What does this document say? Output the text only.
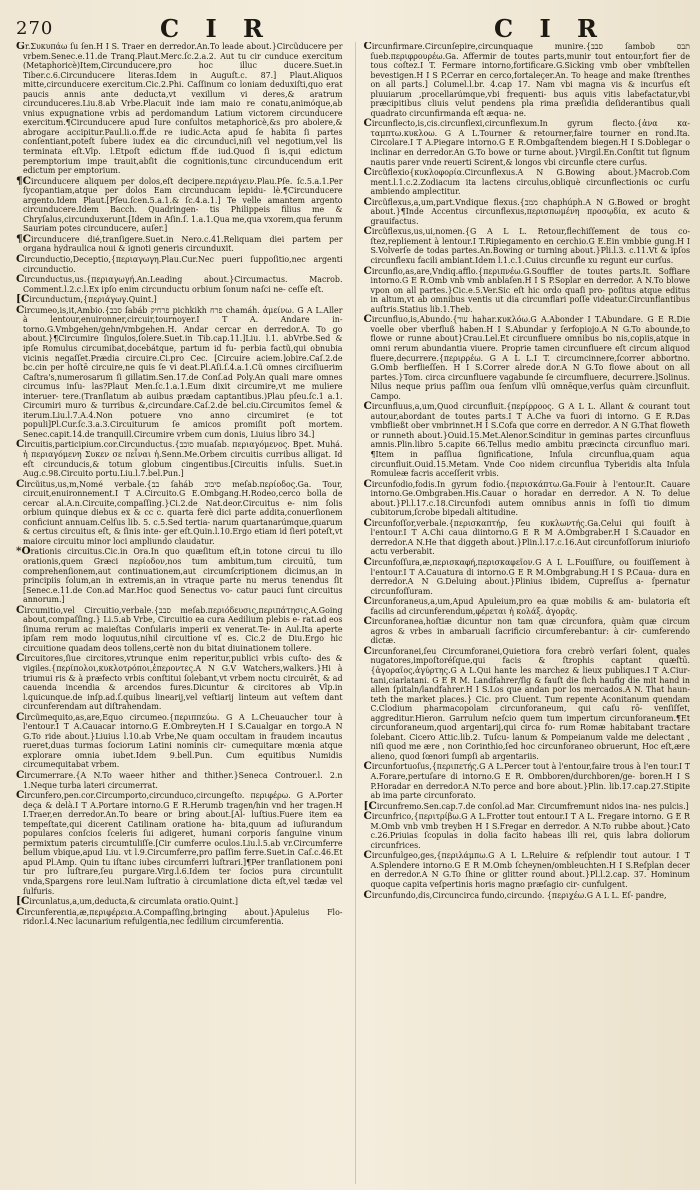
270	C I R	C I R

Gr.Συκυπάω ſu ſen.H I S. Traer en derredor.An.To leade about.}Circũducere per vrbem.Senec.e.11.de Tranq.Plaut.Merc.ſc.2.a.2. Aut tu cir cunduce exercitum (Metaphoricè)Item,Circunducere,pro hoc illuc ducere.Suet.in Tiber.c.6.Circunducere literas.Idem in Auguſt.c. 87.] Plaut.Aliquos mitte,circunducere exercitum.Cic.2.Phi. Caſſinum co loniam deduxiſti,quo erat paucis annis ante deducta,vt vexillum vi deres,& aratrum circunduceres.Liu.8.ab Vrbe.Placuit inde iam maio re conatu,animóque,ab vnius expugnatione vrbis ad perdomandum Latium victorem circunducere exercitum.¶Circunducere apud Iure conſultos metaphoricè,&s pro abolere,& abrogare accipitur.Paul.li.o.ff.de re iudic.Acta apud ſe habita ſi partes conſentiant,poteſt ſubere iudex ea dic circunduci,niſi vel negotium,vel lis terminata eſt.Vlp. l.Etpoſt edictum ff.de iud.Quod ſi is,qui edictum peremptorium impe trauit,abſit die cognitionis,tunc circunducendum erit edictum per emptorium.

¶Circunducere aliquem per dolos,eſt decipere.περιάγειν.Plau.Pſe. ſc.5.a.1.Per ſycopantiam,atque per dolos Eam circunducam lepidu- lè.¶Circunducere argento.Idem Plaut.[Pſeu.ſcen.5.a.1.& ſc.4.a.1.] Te velle amantem argento circunducere.Idem Bacch. Quadringen- tis Philippeis filius me & Chryſalus,circunduxerunt.[Idem in Aſin.ſ. 1.a.1.Qua me,qua vxorem,qua ferunm Sauriam potes circunducere, auſer.]

¶Circunducere dié,tranſigere.Suet.in Nero.c.41.Reliquam diei partem per organa hydraulica noui & ignoti generis circunduxit.

Circunductio,Deceptio,{περιαγωγη.Plau.Cur.Nec pueri ſuppoſitio,nec argenti circunductio.

Circunductus,us.{περιαγωγή.An.Leading about.}Circumactus. Macrob. Comment.l.2.c.l.Ex ipſo enim circunductu orbium ſonum naſci ne- ceſſe eſt.

[Circunductum,{περιάγωγ.Quint.]

Circumeo,is,it,Ambio.{סבב ſabáb פרחיק pichkikh פרח chamáh. ἀμείνω. G A L.Aller à lentour,enuironner,circuir,tournoyer.I T A. Andare in- torno.G.Vmbgehen/gehn/vmbgehen.H. Andar cercar en derredor.A. To go about.}¶Circumire ſingulos,ſolere.Suet.in Tib.cap.11.]Liu. l.1. abVrbe.Sed & ipſe Romulus circumibat,docebátque, partum id fu- perbia factũ,qui obnubia vicinis negaſſet.Prædia circuire.Ci.pro Cec. [Circuire aciem.]obire.Caſ.2.de bc.cin per hoſtē circuire,ne quis ſe vi deat.Pl.Aſi.ſ.4.a.1.Cũ omnes circiſiuerim Caſtra's,numerosarum ſi gillatim.Sen.17.de Conſ.ad Poly.An quali mare omnes circumus inſu- las?Plaut Men.ſc.1.a.1.Eum dixit circumire,vt me muliere interuer- tere.(Tranſlatum ab auibus prædam captantibus.)Plau pſeu.ſc.1 a.1. Circumiri muro & turribus &,circundare.Caſ.2.de bel.ciu.Circumitos ſemel & iterum.Liu.l.7.A.4.Non potuere vno anno circumiret (e tot populi]Pl.Cur.ſc.3.a.3.Circuiturum ſe amicos promiſit poſt mortem. Senec.capit.14.de tranquill.Circumire vrbem cum donis, Liuius libro 34.]

Circuitis,participium.cor.Circunductus.{סובב muaſab. περιαγόμενος. Bpet. Muhá. ἡ περιαγόμενη Συκεν σε πεἶναι ἡ.Senn.Me.Orbem circuitis curribus alligat. Id eſt circunducis,& totum globum cingentibus.[Circuitis inſulis. Suet.in Aug.c.98.Circuito portu.Liu.l.7.bel.Pun.]

Circũitus,us,m,Nomé verbale.{בב ſaháb סיבוב meſab.περίοδος.Ga. Tour, circuit,enuironnement.I T A.Circuito.G E.Ombgang.H.Rodeo,cerco bolla de cercar al.A.n.Circuite,compaſſing.}Ci.2.de Nat.deor.Circuitus e- nim ſolis orbium quinque diebus ex & cc c. quarta ferè dici parte addita,conuerſionem conficiunt annuam.Celſus lib. 5. c.5.Sed tertia- narum quartanarúmque,quarum & certus circuitus eſt, & ſinis inte- ger eſt.Quin.l.10.Ergo etiam id ſieri poteſt,vt maiore circuitu minor loci ampliundo claudatur.

*Orationis circuitus.Cic.in Ora.In quo quæſitum eſt,in totone circui tu illo orationis,quem Græci περίοδον,nos tum ambitum,tum circuitū, tum comprehenſionem,aut continuationem,aut circumſcriptionem dicimus,an in principiis ſolum,an in extremis,an in vtraque parte nu merus tenendus ſit [Senec.e.11.de Con.ad Mar.Hoc quod Senectus vo- catur pauci ſunt circuitus annorum.]

Circumitio,vel Circuitio,verbale.{סבב meſab.περιόδευσις,περιπάτησις.A.Going about,compaſſing.} Li.5.ab Vrbe, Circuitio ea cura Aedilium plebis e- rat.ad eos ſinuma rerum ac maieſtas Conſularis imperii ex venerat.Te- in Aul.Ita aperte ipſam rem modo loquutus,nihil circuitione vſ es. Cic.2 de Diu.Ergo hic circuitione quadam deos tollens,certè non du bitat diuinationem tollere.

Circuitores,ſiue circitores,vtrunque enim reperitur,publici vrbis cuſto- des & vigiles.{περίπολοι,κυκλοτρόποι,ἐπεροντες.A N G.V Watchers,walkers.}Hi à triumui ris & à præfecto vrbis conſtitui ſolebant,vt vrbem noctu circuirēt, & ad cauenda incendia & arcendos fures.Dicuntur & circitores ab Vlp.in l.quicunque.de inſp.ad.ſ.quibus linearij,vel veſtiarij linteum aut veſtem dant circunferendam aut diſtrahendam.

Circũmequito,as,are,Equo circumeo.{περιππεύω. G A L.Cheuaucher tour à l'entour.I T A.Cauacar intorno.G E.Ombreyten.H I S.Caualgar en torgo.A N G.To ride about.}Liuius l.10.ab Vrbe,Ne quam occultam in fraudem incautus rueret,duas turmas ſociorum Latini nominis cir- cumequitare mœnia atque explorare omnia iubet.Idem 9.bell.Pun. Cum equitibus Numidis circumequitabat vrbem.

Circumerrare.{A N.To waeer hither and thither.}Seneca Controuer.l. 2.n 1.Neque turba lateri circumerrat.

Circunfero,pen.cor.Circumporto,circunduco,circungeſto. περιφέρω. G A.Porter deça & delà.I T A.Portare intorno.G E R.Herumb tragen/hin vnd her tragen.H I.Traer,en derredor.An.To beare or bring about.[Al- luſtius.Fuere item ea tempeſtate,qui dicerent Catilinam oratione ha- bita,quum ad iuſiurandum populares conſcios ſceleris ſui adigeret, humani corporis ſanguine vinum permixtum pateris circumtuliſſe.[Cir cumferre oculos.Liu.l.5.ab vr.Circumferre bellum vbique,apud Liu. vt l.9.Circumferre,pro paſſim ferre.Suet.in Caſ.c.46.Et apud Pl.Amp. Quin tu iſtanc iubes circumferri luſtrari.]¶Per tranſlationem poni tur pro luſtrare,ſeu purgare.Virg.l.6.Idem ter ſocios pura circuntulit vnda,Spargens rore leui.Nam luſtratio à circumlatione dicta eſt,vel tædæ vel ſulfuris.

[Circunlatus,a,um,deducta,& circumlata oratio.Quint.]

Circunferentia,æ,περιφέρεια.A.Compaſſing,bringing about.}Apuleius Flo- ridor.l.4.Nec lacunarium refulgentia,nec ſedilium circumferentia.

Circunfirmare.Circunſepire,circunquaque munire.{סבב ſambob תבס ſueb.περιφρουρέω.Ga. Affermir de toutes parts,munir tout entour,fort fier de tous coſtez.I T. Fermare intorno,fortificare.G.Sicking vmb ober vmbſtellen bevestigen.H I S P.Cerrar en cerco,fortaleçer.An. To heage and make ſtrenthes on all parts.] Columel.l.br. 4.cap 17. Nam vbi magna vis & incurſus eſt pluuiarum ,procellarúmque,vbi frequenti- bus aquis vitis labefactatur,vbi præcipitibus cliuis velut pendens pla rima præſidia deſiderantibus quali quadrato circunfirmanda eſt æqua- ne.

Circunflecto,is,cis.circunflexi,circunflexum.In gyrum flecto.{ἀνα κα- ταμπτω.κυκλοω. G A L.Tourner & retourner,faire tourner en rond.Ita. Circolare.I T A.Piegare intorno.G E R.Ombgaſtendem biegen.H I S.Doblegar o inclinar en derredor.An G.To bowe or turne about.}Virgil.En.Conſtit tut ſignum nautis parer vnde reuerti Scirent,& longos vbi circunfle ctere curſus.

Circũflexio{κυκλοφορία.Circunflexus.A N G.Bowing about.}Macrob.Com ment.l.1.c.2.Zodiacum ita lactens circulus,obliquè circunflectionis oc curſu ambiendo amplectitur.

Circũflexus,a,um,part.Vndique flexus.{ממב chaphúph.A N G.Bowed or broght about.}¶Inde Accentus circunflexus,περισπωμένη προσῳδία, ex acuto & grauifactus.

Circũflexus,us,ui,nomen.{G A L L. Retour,flechiſſement de tous co- ſtez,repliement à lentour.I T.Ripiegamento en cerchio.G E.Ein vmbbie gung.H I S.Volverſe de todas partes.An.Bowing or turning about.}Pli.l.3. c.11.Vt & ipſos circunflexu facili ambiant.Idem l.1.c.1.Cuius circunfle xu regunt eur curſus.

Circunflo,as,are,Vndiq.afflo.{περιπνέω.G.Souffler de toutes parts.It. Soffiare intorno.G E R.Omb vnb vmb anblaſen.H I S P.Soplar en derredor. A N.To blowe vpon on all partes.}Cic.e.5.Ver.Sic eſt hic ordo quaſi pro- poſitus atque editus in altum,vt ab omnibus ventis ut dia circumflari poſſe videatur.Circunflantibus auſtris.Statius lib.1.Theb.

Circunfluo,is,Abundo.{עוד hahar.κυκλόω.G A.Abonder I T.Abundare. G E R.Die voelle ober vberfluß haben.H I S.Abundar y ſerfopiojo.A N G.To abounde,to flowe or runne about}Crau.Lel.Et circunfluere omnibus bo nis,copiis,atque in omni rerum abundantia viuere. Proprie tamen circunfluere eſt circum aliquod fluere,decurrere.{περιρρέω. G A L L.I T. circumcinnere,ſcorrer abbortno. G.Omb berflieſſen. H I S.Correr alrede dor.A N G.To flowe about on all partes.}Tom. circa circunfluere vagabunde ſe circumfluere, decurrere.]Solinus. Nilus neque prius paſſim oua ſenſum vllū omnēque,verſus quàm circunfluit. Campo.

Circunfluus,a,um,Quod circunfluit.{περίρροος. G A L L. Allant & courant tout autour,abordant de toutes parts.I T A.Che va fuori di intorno. G E R.Das vmbfließt ober vmbrinnet.H I S.Cofa que corre en derredor. A N G.That floweth or runneth about.}Ouid.15.Met.Alenor.Scinditur in geminas partes circunfluus amnis.Plin.libro 5.capite 66.Tellus medio ambitu præcincta circunfluo mari. ¶Item in paſſiua ſignificatione, Inſula circunflua,quam aqua circunfluit.Ouid.15.Metam. Vnde Coo nidem circunflua Tyberidis alta Inſula Romuleæ facris acceſſerit vrbis.

Circunfodio,fodis.In gyrum fodio.{περισκάπτω.Ga.Fouir à l'entour.It. Cauare intorno.Ge.Ombgraben.His.Cauar o horadar en derredor. A N. To delue about.}Pl.l.17.c.18.Circunfodi autem omnibus annis in ſoſſi tio dimum cubitorum,ſcrobe bipedali altitudine.

Circunfoſſor,verbale.{περισκαπτήρ, ſeu κυκλωντής.Ga.Celui qui fouiſt à l'entour.I T A.Chi caua diintorno.G E R M A.Ombgraber.H I S.Cauador en derredor.A N.He that diggeth about.}Plin.l.17.c.16.Aut circunfoſſorum iniuriofo actu verberabit.

Circunfoſſura,æ,περισκαφή,περισκαφεῖον.G A L L.Fouiſſure, ou fouiſſement à l'entour.I T A.Cauatura di intorno.G E R M.Ombgrabung.H I S P.Caua- dura en derredor.A N G.Deluing about.}Plinius ibidem, Cupreſſus a- ſpernatur circunfoſſuram.

Circunforaneus,a,um,Apud Apuleium,pro ea quæ mobilis & am- bulatoria eſt facilis ad circunferendum,φέρεται ἡ κολάξ. ἀγορᾶς.

Circunforanea,hoſtiæ dicuntur non tam quæ circunfora, quàm quæ circum agros & vrbes in ambaruali ſacrificio circumferebantur: à cir- cumferendo dictæ.

Circunforanei,ſeu Circumforanei,Quietiora fora crebrò verſari ſolent, quales nugatores,impoſtoréſque,qui facis & ſtrophis captant quæſtū. {ἀγοραῖος,ἀγύρτης.G A L.Qui hante les marchez & lieux publiques.I T A.Ciur- tani,ciarlatani. G E R M. Landfahrer/ſig & fauſt die ſich haufig die mit hand in allen ſpitaln/landfahrer.H I S.Los que andan por los mercados.A N. That haun- teth the market places.} Cic. pro Cluent. Tum repente Aconitanum quendam C.Clodium pharmacopolam circunforaneum, qui caſu rō- venſiſſet, aggreditur.Hieron. Garrulum neſcio quem tum impertum circunforaneum.¶Et circunforaneum,quod argentarij,qui circa fo- rum Romæ habitabant tractare ſolebant. Cicero Attic.lib.2. Tuſcu- lanum & Pompeianum valde me delectant , niſi quod me ære , non Corinthio,ſed hoc circunforaneo obruerunt, Hoc eſt,ære alieno, quod ſœnori ſumpſi ab argentariis.

Circunfortuoſus,{περιπετής.G A L.Percer tout à l'entour,faire trous à l'en tour.I T A.Forare,pertuſare di intorno.G E R. Ombboren/durchboren/ge- boren.H I S P.Horadar en derredor.A N.To perce and bore about.}Plin. lib.17.cap.27.Stipite ab ima parte circunforato.

[Circunfremo.Sen.cap.7.de conſol.ad Mar. Circumfremunt nidos ina- nes pulcis.]

Circunfrico,{περιτρίβω.G A L.Frotter tout entour.I T A L. Fregare intorno. G E R M.Omb vnb vmb treyben H I S.Fregar en derredor. A N.To rubbe about.}Cato c.26.Priuias ſcopulas in dolia facito habeas illi rei, quis labra doliorum circunfrices.

Circunfulgeo,ges,{περιλάμπω.G A L L.Reluire & reſplendir tout autour. I T A.Splendere intorno.G E R M.Omb ſcheynen/ombleuchten.H I S.Reſplan decer en derredor.A N G.To ſhine or glitter round about.}Pl.l.2.cap. 37. Hominum quoque capita veſpertinis horis magno præſagio cir- cunfulgent.

Circunfundo,dis,Circuncirca fundo,circundo. {περιχέω.G A L L. Eſ- pandre,
